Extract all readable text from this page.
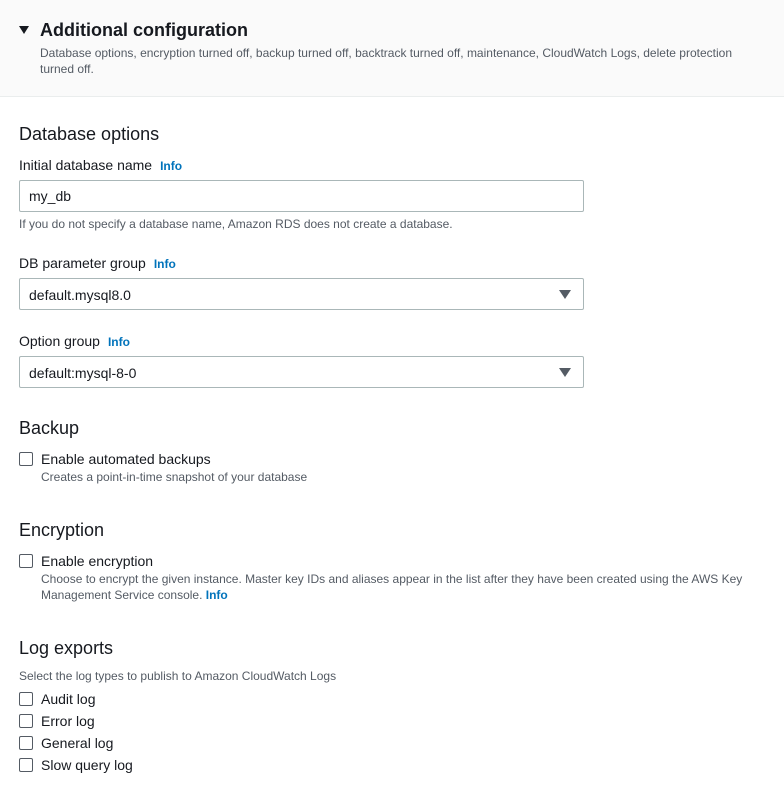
Additional configuration
Database options, encryption turned off, backup turned off, backtrack turned off, maintenance, CloudWatch Logs, delete protection turned off.
Database options
Initial database name Info
my_db
If you do not specify a database name, Amazon RDS does not create a database.
DB parameter group Info
default.mysql8.0
Option group Info
default:mysql-8-0
Backup
Enable automated backups
Creates a point-in-time snapshot of your database
Encryption
Enable encryption
Choose to encrypt the given instance. Master key IDs and aliases appear in the list after they have been created using the AWS Key Management Service console. Info
Log exports
Select the log types to publish to Amazon CloudWatch Logs
Audit log
Error log
General log
Slow query log
